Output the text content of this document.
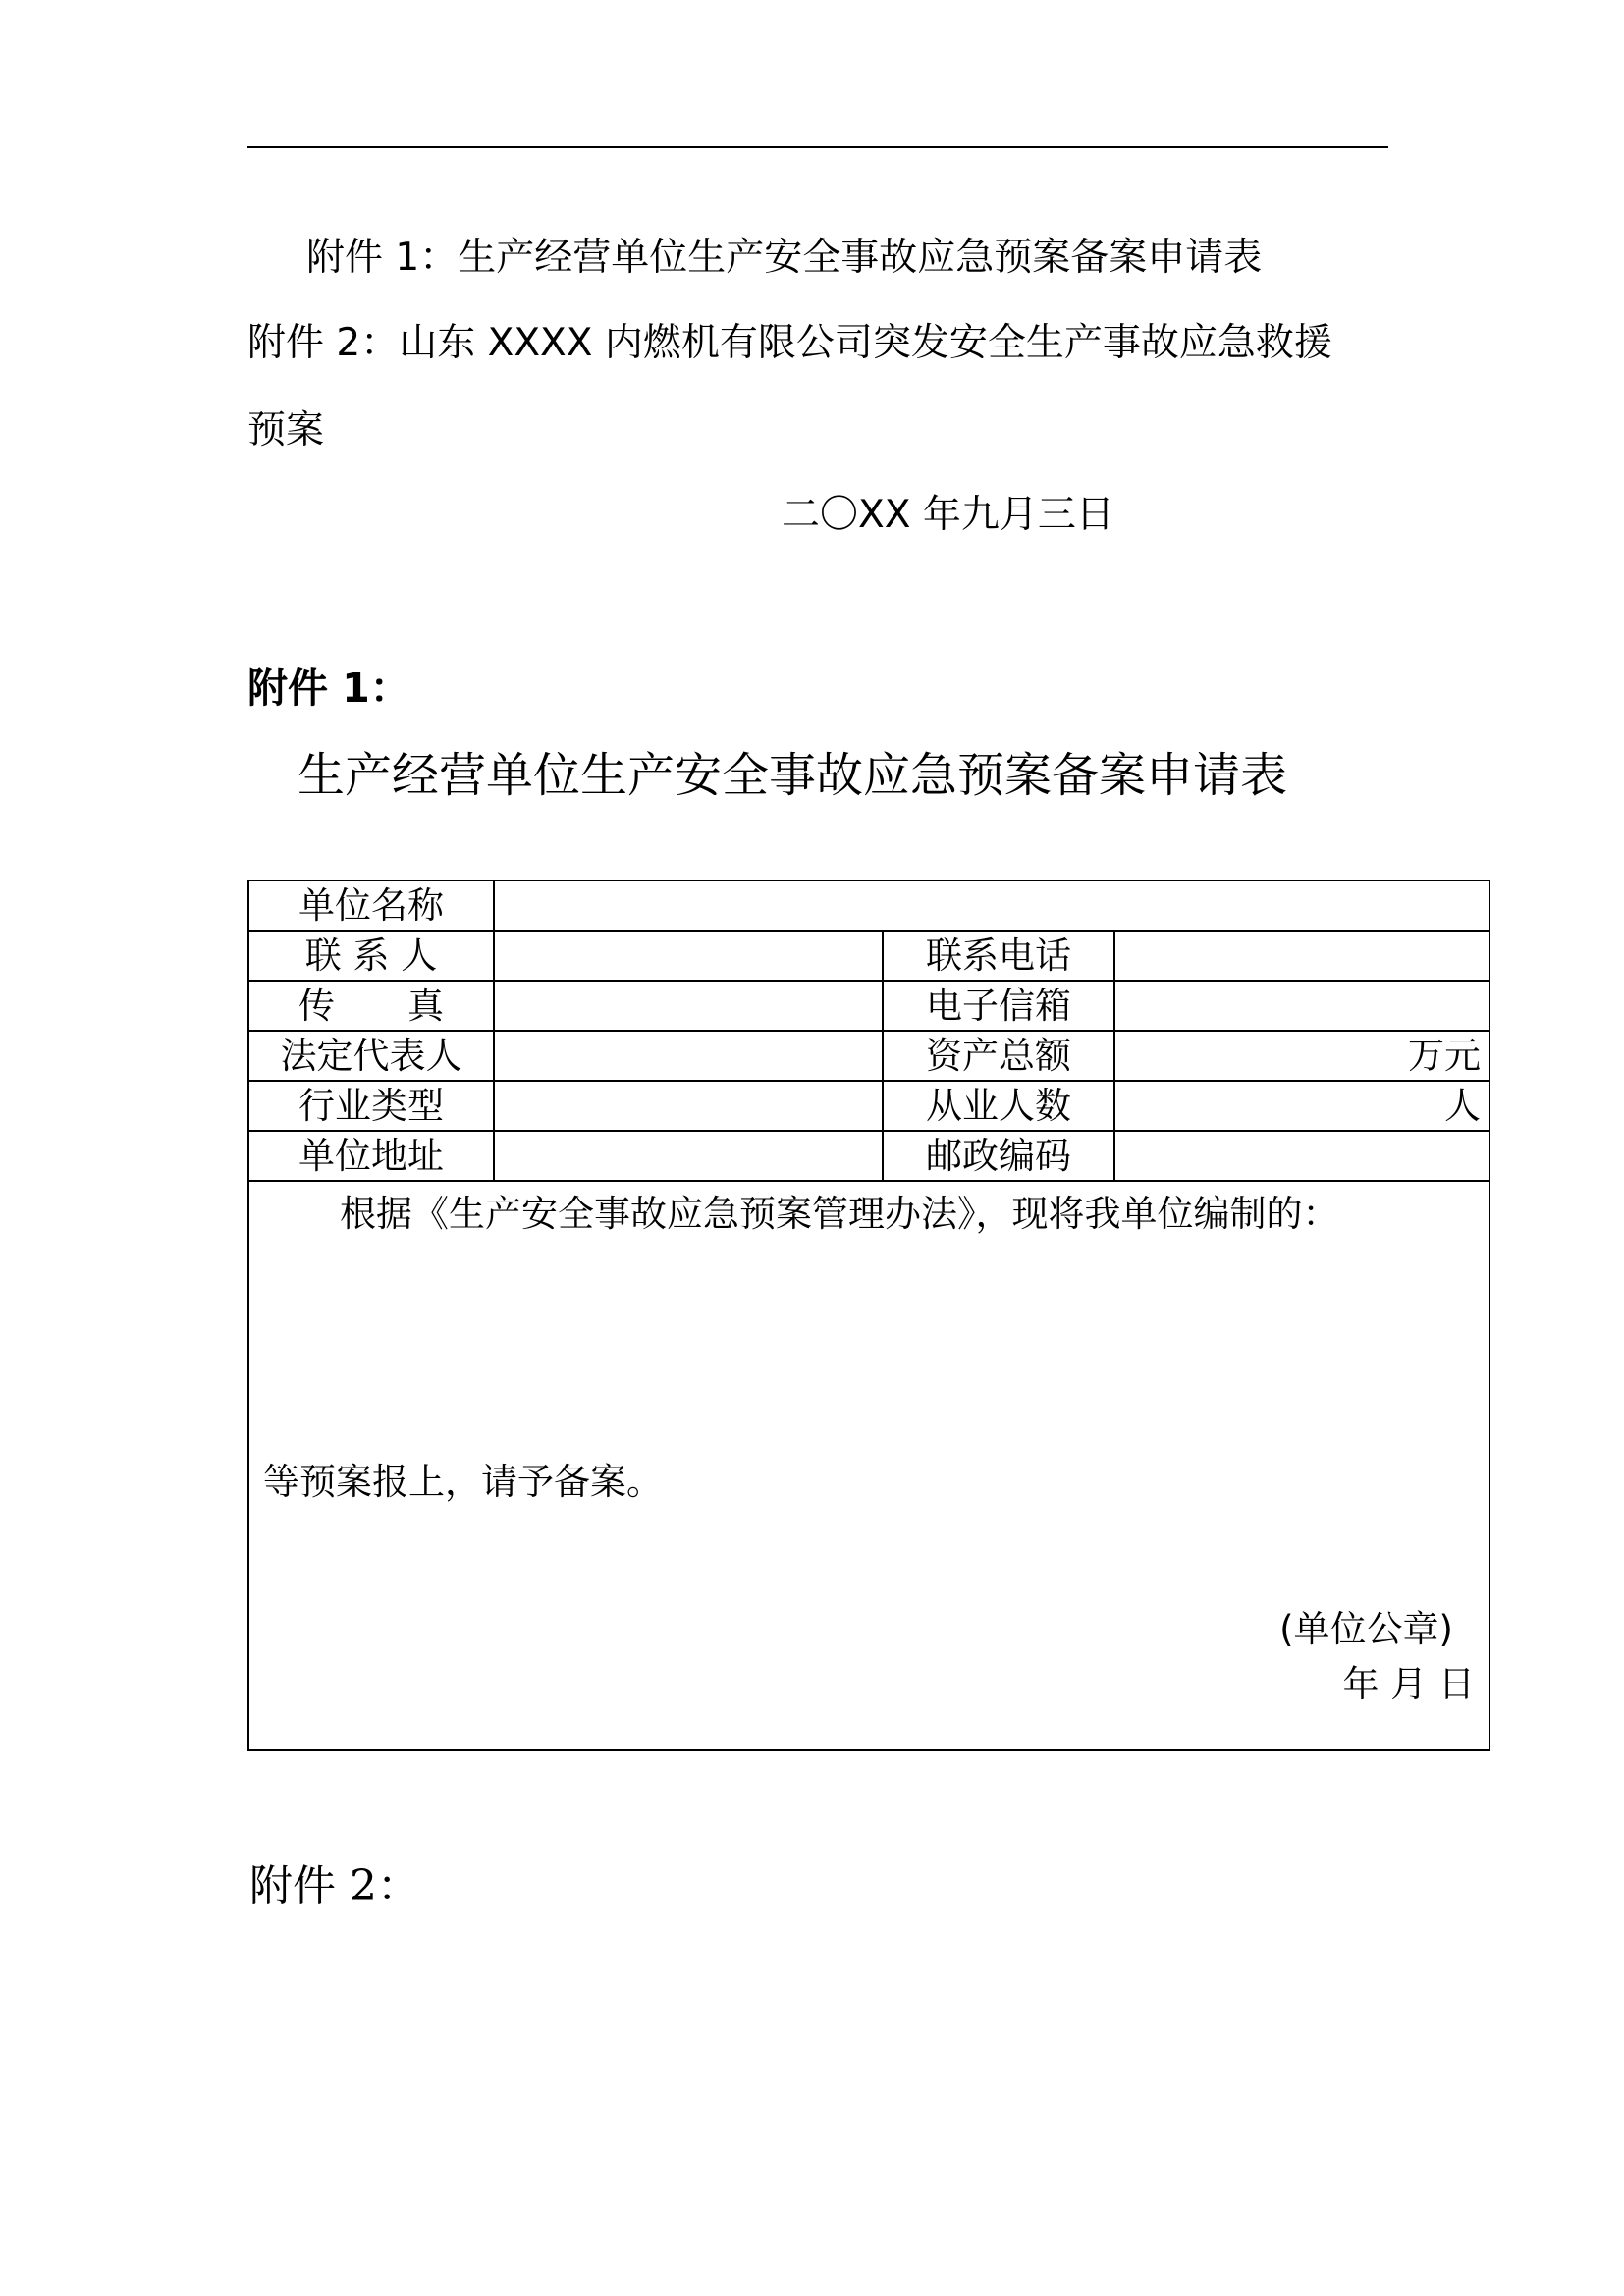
附件 1：生产经营单位生产安全事故应急预案备案申请表
附件 2：山东 XXXX 内燃机有限公司突发安全生产事故应急救援
预案
二〇XX 年九月三日
附件 1：
生产经营单位生产安全事故应急预案备案申请表
单位名称			
联 系 人		联系电话	
传　　真		电子信箱	
法定代表人		资产总额	万元
行业类型		从业人数	人
单位地址		邮政编码	

根据《生产安全事故应急预案管理办法》，现将我单位编制的：
等预案报上，请予备案。
(单位公章)
年 月 日			
附件 2：
